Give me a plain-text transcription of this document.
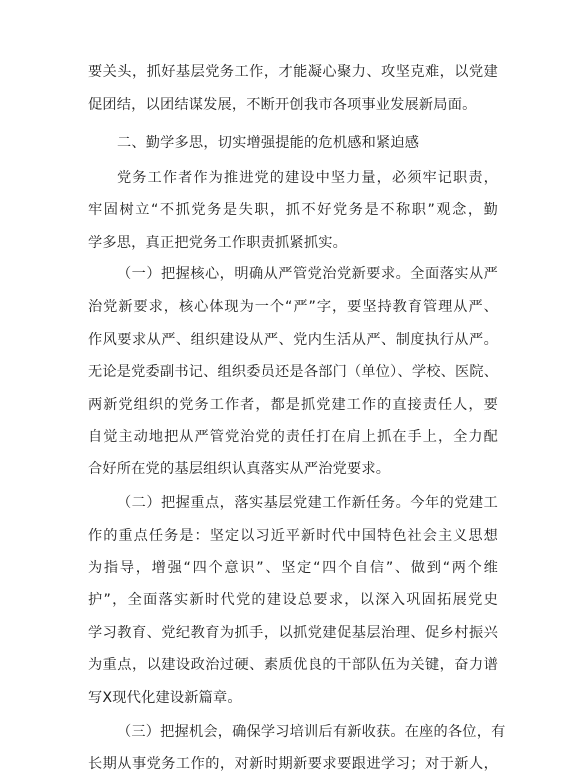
要关头，抓好基层党务工作，才能凝心聚力、攻坚克难，以党建
促团结，以团结谋发展，不断开创我市各项事业发展新局面。
二、勤学多思，切实增强提能的危机感和紧迫感
党务工作者作为推进党的建设中坚力量，必须牢记职责，
牢固树立“不抓党务是失职，抓不好党务是不称职”观念，勤
学多思，真正把党务工作职责抓紧抓实。
（一）把握核心，明确从严管党治党新要求。全面落实从严
治党新要求，核心体现为一个“严”字，要坚持教育管理从严、
作风要求从严、组织建设从严、党内生活从严、制度执行从严。
无论是党委副书记、组织委员还是各部门（单位）、学校、医院、
两新党组织的党务工作者，都是抓党建工作的直接责任人，要
自觉主动地把从严管党治党的责任打在肩上抓在手上，全力配
合好所在党的基层组织认真落实从严治党要求。
（二）把握重点，落实基层党建工作新任务。今年的党建工
作的重点任务是：坚定以习近平新时代中国特色社会主义思想
为指导，增强“四个意识”、坚定“四个自信”、做到“两个维
护”，全面落实新时代党的建设总要求，以深入巩固拓展党史
学习教育、党纪教育为抓手，以抓党建促基层治理、促乡村振兴
为重点，以建设政治过硬、素质优良的干部队伍为关键，奋力谱
写X现代化建设新篇章。
（三）把握机会，确保学习培训后有新收获。在座的各位，有
长期从事党务工作的，对新时期新要求要跟进学习；对于新人，
